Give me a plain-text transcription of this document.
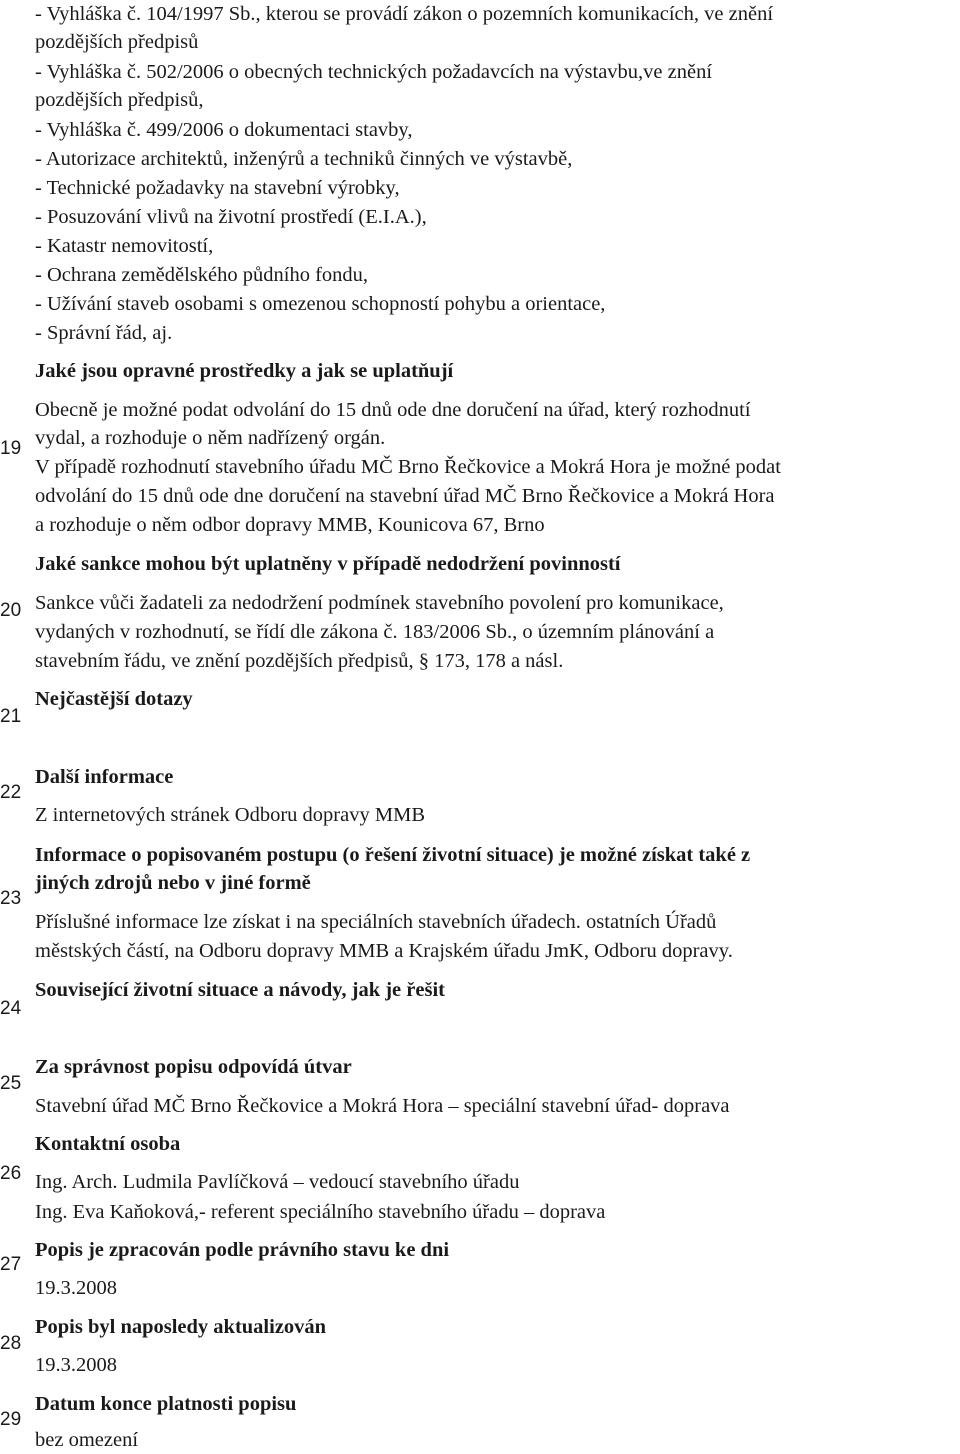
- Vyhláška č. 104/1997 Sb., kterou se provádí zákon o pozemních komunikacích, ve znění
pozdějších předpisů
- Vyhláška č. 502/2006 o obecných technických požadavcích na výstavbu,ve znění
pozdějších předpisů,
- Vyhláška č. 499/2006 o dokumentaci stavby,
- Autorizace architektů, inženýrů a techniků činných ve výstavbě,
- Technické požadavky na stavební výrobky,
- Posuzování vlivů na životní prostředí (E.I.A.),
- Katastr nemovitostí,
- Ochrana zemědělského půdního fondu,
- Užívání staveb osobami s omezenou schopností pohybu a orientace,
- Správní řád, aj.
Jaké jsou opravné prostředky a jak se uplatňují
Obecně je možné podat odvolání do 15 dnů ode dne doručení na úřad, který rozhodnutí
19 vydal, a rozhoduje o něm nadřízený orgán.
V případě rozhodnutí stavebního úřadu MČ Brno Řečkovice a Mokrá Hora je možné podat
odvolání do 15 dnů ode dne doručení na stavební úřad MČ Brno Řečkovice a Mokrá Hora
a rozhoduje o něm odbor dopravy MMB, Kounicova 67, Brno
Jaké sankce mohou být uplatněny v případě nedodržení povinností
20 Sankce vůči žadateli za nedodržení podmínek stavebního povolení pro komunikace,
vydaných v rozhodnutí, se řídí dle zákona č. 183/2006 Sb., o územním plánování a
stavebním řádu, ve znění pozdějších předpisů, § 173, 178 a násl.
Nejčastější dotazy
21
Další informace
22
Z internetových stránek Odboru dopravy MMB
Informace o popisovaném postupu (o řešení životní situace) je možné získat také z
jiných zdrojů nebo v jiné formě
23
Příslušné informace lze získat i na speciálních stavebních úřadech. ostatních Úřadů
městských částí, na Odboru dopravy MMB a Krajském úřadu JmK, Odboru dopravy.
Související životní situace a návody, jak je řešit
24
Za správnost popisu odpovídá útvar
25
Stavební úřad MČ Brno Řečkovice a Mokrá Hora – speciální stavební úřad- doprava
Kontaktní osoba
26 Ing. Arch. Ludmila Pavlíčková – vedoucí stavebního úřadu
Ing. Eva Kaňoková,- referent speciálního stavebního úřadu – doprava
Popis je zpracován podle právního stavu ke dni
27
19.3.2008
Popis byl naposledy aktualizován
28
19.3.2008
Datum konce platnosti popisu
29
bez omezení
